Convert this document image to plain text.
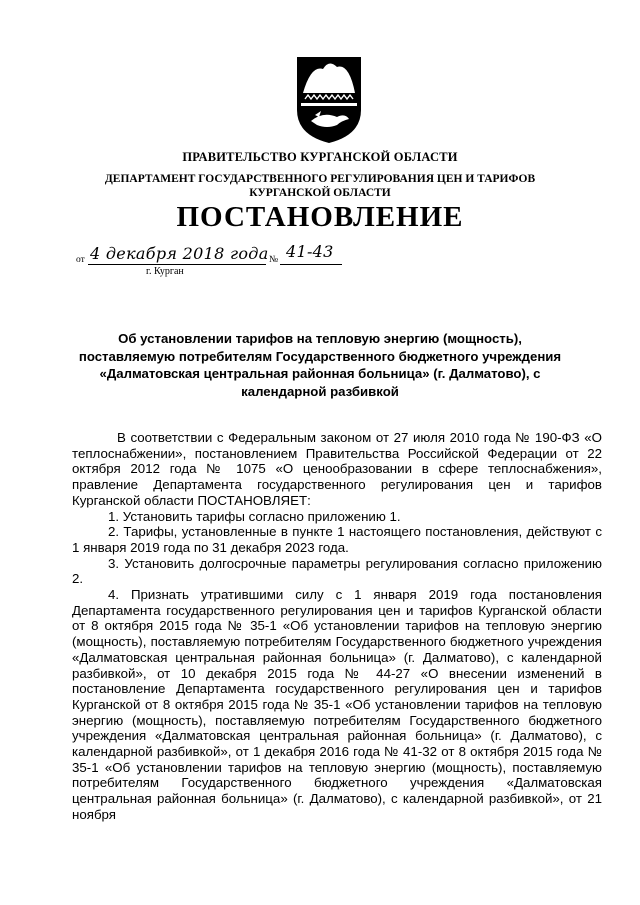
ПРАВИТЕЛЬСТВО КУРГАНСКОЙ ОБЛАСТИ
ДЕПАРТАМЕНТ ГОСУДАРСТВЕННОГО РЕГУЛИРОВАНИЯ ЦЕН И ТАРИФОВ
КУРГАНСКОЙ ОБЛАСТИ
ПОСТАНОВЛЕНИЕ
от 4 декабря 2018 года № 41-43
г. Курган
Об установлении тарифов на тепловую энергию (мощность),
поставляемую потребителям Государственного бюджетного учреждения
«Далматовская центральная районная больница» (г. Далматово), с
календарной разбивкой

В соответствии с Федеральным законом от 27 июля 2010 года № 190-ФЗ «О теплоснабжении», постановлением Правительства Российской Федерации от 22 октября 2012 года № 1075 «О ценообразовании в сфере теплоснабжения», правление Департамента государственного регулирования цен и тарифов Курганской области ПОСТАНОВЛЯЕТ:

1. Установить тарифы согласно приложению 1.

2. Тарифы, установленные в пункте 1 настоящего постановления, действуют с 1 января 2019 года по 31 декабря 2023 года.

3. Установить долгосрочные параметры регулирования согласно приложению 2.

4. Признать утратившими силу с 1 января 2019 года постановления Департамента государственного регулирования цен и тарифов Курганской области от 8 октября 2015 года № 35-1 «Об установлении тарифов на тепловую энергию (мощность), поставляемую потребителям Государственного бюджетного учреждения «Далматовская центральная районная больница» (г. Далматово), с календарной разбивкой», от 10 декабря 2015 года № 44-27 «О внесении изменений в постановление Департамента государственного регулирования цен и тарифов Курганской от 8 октября 2015 года № 35-1 «Об установлении тарифов на тепловую энергию (мощность), поставляемую потребителям Государственного бюджетного учреждения «Далматовская центральная районная больница» (г. Далматово), с календарной разбивкой», от 1 декабря 2016 года № 41-32 от 8 октября 2015 года № 35-1 «Об установлении тарифов на тепловую энергию (мощность), поставляемую потребителям Государственного бюджетного учреждения «Далматовская центральная районная больница» (г. Далматово), с календарной разбивкой», от 21 ноября
